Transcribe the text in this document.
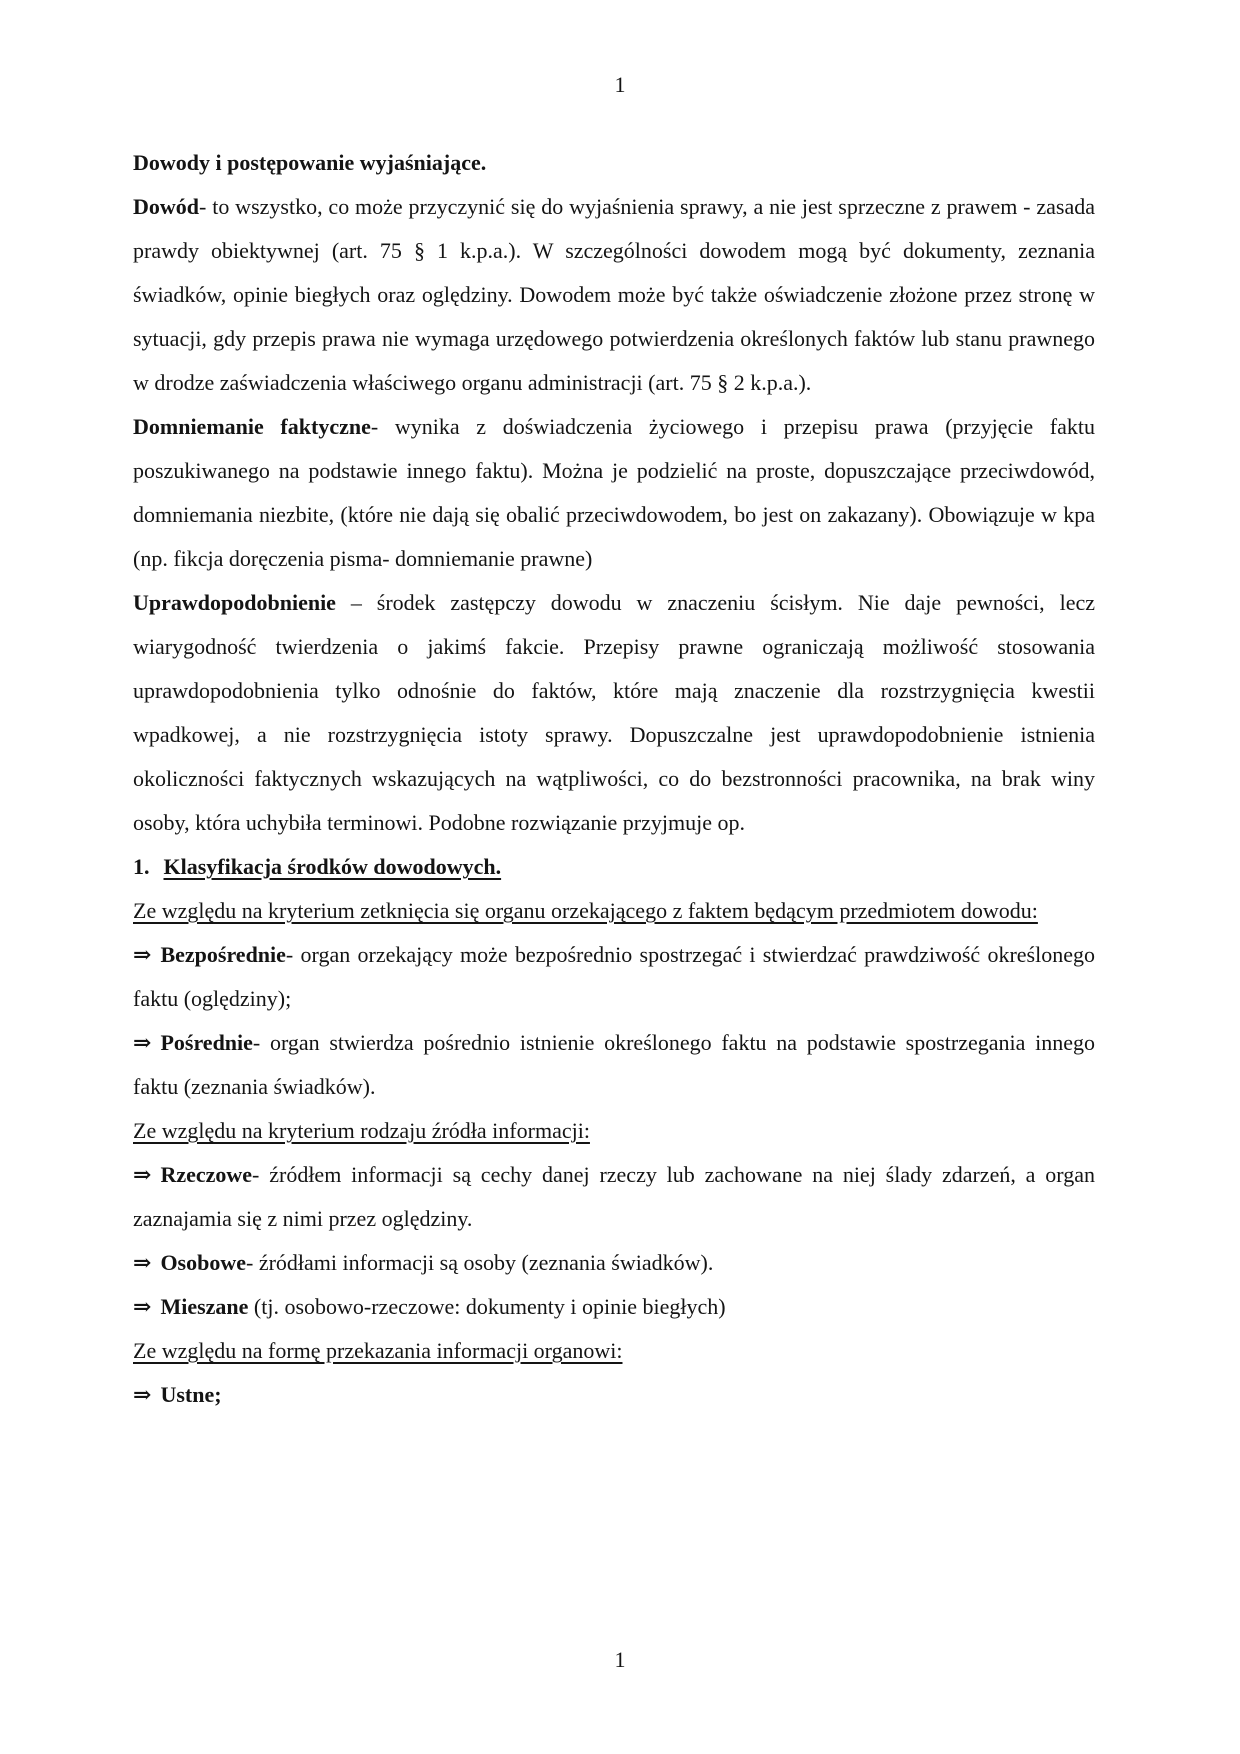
1

Dowody i postępowanie wyjaśniające.

Dowód- to wszystko, co może przyczynić się do wyjaśnienia sprawy, a nie jest sprzeczne z prawem - zasada prawdy obiektywnej (art. 75 § 1 k.p.a.). W szczególności dowodem mogą być dokumenty, zeznania świadków, opinie biegłych oraz oględziny. Dowodem może być także oświadczenie złożone przez stronę w sytuacji, gdy przepis prawa nie wymaga urzędowego potwierdzenia określonych faktów lub stanu prawnego w drodze zaświadczenia właściwego organu administracji (art. 75 § 2 k.p.a.).

Domniemanie faktyczne- wynika z doświadczenia życiowego i przepisu prawa (przyjęcie faktu poszukiwanego na podstawie innego faktu). Można je podzielić na proste, dopuszczające przeciwdowód, domniemania niezbite, (które nie dają się obalić przeciwdowodem, bo jest on zakazany). Obowiązuje w kpa (np. fikcja doręczenia pisma- domniemanie prawne)

Uprawdopodobnienie – środek zastępczy dowodu w znaczeniu ścisłym. Nie daje pewności, lecz wiarygodność twierdzenia o jakimś fakcie. Przepisy prawne ograniczają możliwość stosowania uprawdopodobnienia tylko odnośnie do faktów, które mają znaczenie dla rozstrzygnięcia kwestii wpadkowej, a nie rozstrzygnięcia istoty sprawy. Dopuszczalne jest uprawdopodobnienie istnienia okoliczności faktycznych wskazujących na wątpliwości, co do bezstronności pracownika, na brak winy osoby, która uchybiła terminowi. Podobne rozwiązanie przyjmuje op.

1. Klasyfikacja środków dowodowych.

Ze względu na kryterium zetknięcia się organu orzekającego z faktem będącym przedmiotem dowodu:

⇒ Bezpośrednie- organ orzekający może bezpośrednio spostrzegać i stwierdzać prawdziwość określonego faktu (oględziny);

⇒ Pośrednie- organ stwierdza pośrednio istnienie określonego faktu na podstawie spostrzegania innego faktu (zeznania świadków).

Ze względu na kryterium rodzaju źródła informacji:

⇒ Rzeczowe- źródłem informacji są cechy danej rzeczy lub zachowane na niej ślady zdarzeń, a organ zaznajamia się z nimi przez oględziny.

⇒ Osobowe- źródłami informacji są osoby (zeznania świadków).

⇒ Mieszane (tj. osobowo-rzeczowe: dokumenty i opinie biegłych)

Ze względu na formę przekazania informacji organowi:

⇒ Ustne;

1
